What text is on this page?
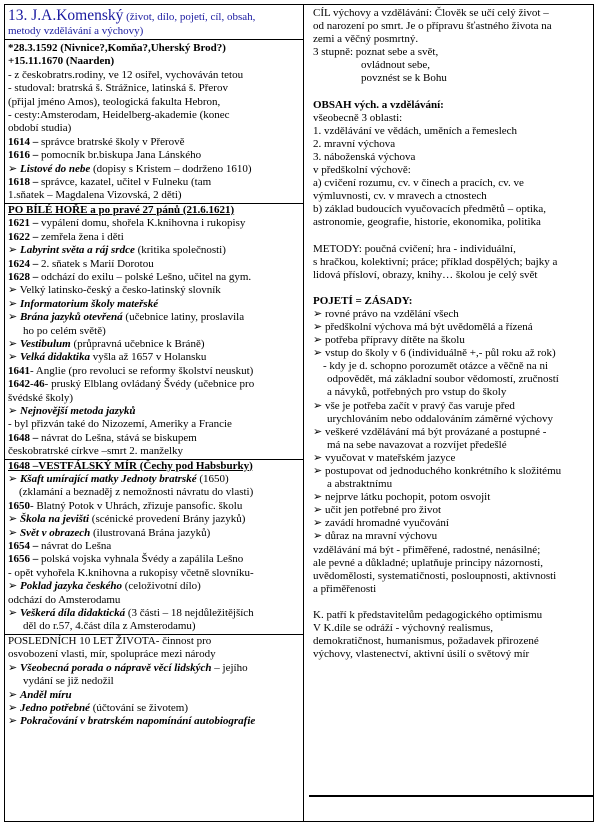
13. J.A.Komenský (život, dílo, pojetí, cíl, obsah,
metody vzdělávání a výchovy)
*28.3.1592 (Nivnice?,Komňa?,Uherský Brod?)
+15.11.1670 (Naarden)
- z českobratrs.rodiny, ve 12 osiřel, vychováván tetou
- studoval: bratrská š. Strážnice, latinská š. Přerov
(přijal jméno Amos), teologická fakulta Hebron,
- cesty:Amsterodam, Heidelberg-akademie (konec
období studia)
1614 – správce bratrské školy v Přerově
1616 – pomocník br.biskupa Jana Lánského
➢ Listové do nebe (dopisy s Kristem – dodrženo 1610)
1618 – správce, kazatel, učitel v Fulneku (tam
1.sňatek – Magdalena Vizovská, 2 děti)
PO BÍLÉ HOŘE a po pravé 27 pánů (21.6.1621)
1621 – vypálení domu, shořela K.knihovna i rukopisy
1622 – zemřela žena i děti
➢ Labyrint světa a ráj srdce (kritika společnosti)
1624 – 2. sňatek s Marií Dorotou
1628 – odchází do exilu – polské Lešno, učitel na gym.
➢ Velký latinsko-český a česko-latinský slovník
➢ Informatorium školy mateřské
➢ Brána jazyků otevřená (učebnice latiny, proslavila
ho po celém světě)
➢ Vestibulum (průpravná učebnice k Bráně)
➢ Velká didaktika vyšla až 1657 v Holansku
1641- Anglie (pro revoluci se reformy školství neuskut)
1642-46- pruský Elblang ovládaný Švédy (učebnice pro
švédské školy)
➢ Nejnovější metoda jazyků
- byl přizván také do Nizozemí, Ameriky a Francie
1648 – návrat do Lešna, stává se biskupem
českobratrské církve –smrt 2. manželky
1648 –VESTFÁLSKÝ MÍR (Čechy pod Habsburky)
➢ Kšaft umírající matky Jednoty bratrské (1650)
(zklamání a beznaděj z nemožnosti návratu do vlasti)
1650- Blatný Potok v Uhrách, zřizuje pansofic. školu
➢ Škola na jevišti (scénické provedení Brány jazyků)
➢ Svět v obrazech (ilustrovaná Brána jazyků)
1654 – návrat do Lešna
1656 – polská vojska vyhnala Švédy a zapálila Lešno
- opět vyhořela K.knihovna a rukopisy včetně slovníku-
➢ Poklad jazyka českého (celoživotní dílo)
odchází do Amsterodamu
➢ Veškerá díla didaktická (3 části – 18 nejdůležitějších
děl do r.57, 4.část díla z Amsterodamu)
POSLEDNÍCH 10 LET ŽIVOTA- činnost pro
osvobození vlasti, mír, spolupráce mezi národy
➢ Všeobecná porada o nápravě věcí lidských – jejího
vydání se již nedožil
➢ Anděl míru
➢ Jedno potřebné (účtování se životem)
➢ Pokračování v bratrském napomínání autobiografie
CÍL výchovy a vzdělávání: Člověk se učí celý život –
od narození po smrt. Je o přípravu šťastného života na
zemi a věčný posmrtný.
3 stupně: poznat sebe a svět,
ovládnout sebe,
povznést se k Bohu
OBSAH vých. a vzdělávání:
všeobecně 3 oblasti:
1. vzdělávání ve vědách, uměních a řemeslech
2. mravní výchova
3. náboženská výchova
v předškolní výchově:
a) cvičení rozumu, cv. v činech a pracích, cv. ve
výmluvnosti, cv. v mravech a ctnostech
b) základ budoucích vyučovacích předmětů – optika,
astronomie, geografie, historie, ekonomika, politika
METODY: poučná cvičení; hra - individuální,
s hračkou, kolektivní; práce; příklad dospělých; bajky a
lidová přísloví, obrazy, knihy… školou je celý svět
POJETÍ = ZÁSADY:
➢ rovné právo na vzdělání všech
➢ předškolní výchova má být uvědomělá a řízená
➢ potřeba přípravy dítěte na školu
➢ vstup do školy v 6 (individuálně +,- půl roku až rok)
- kdy je d. schopno porozumět otázce a věčně na ni
odpovědět, má základní soubor vědomostí, zručností
a návyků, potřebných pro vstup do školy
➢ vše je potřeba začít v pravý čas varuje před
urychlováním nebo oddalováním záměrné výchovy
➢ veškeré vzdělávání má být provázané a postupné -
má na sebe navazovat a rozvíjet předešlé
➢ vyučovat v mateřském jazyce
➢ postupovat od jednoduchého konkrétního k složitému
a abstraktnímu
➢ nejprve látku pochopit, potom osvojit
➢ učit jen potřebné pro život
➢ zavádí hromadné vyučování
➢ důraz na mravní výchovu
vzdělávání má být - přiměřené, radostné, nenásilné;
ale pevné a důkladné; uplatňuje principy názornosti,
uvědomělosti, systematičnosti, posloupnosti, aktivnosti
a přiměřenosti
K. patří k představitelům pedagogického optimismu
V K.díle se odráží - výchovný realismus,
demokratičnost, humanismus, požadavek přirozené
výchovy, vlastenectví, aktivní úsilí o světový mír
